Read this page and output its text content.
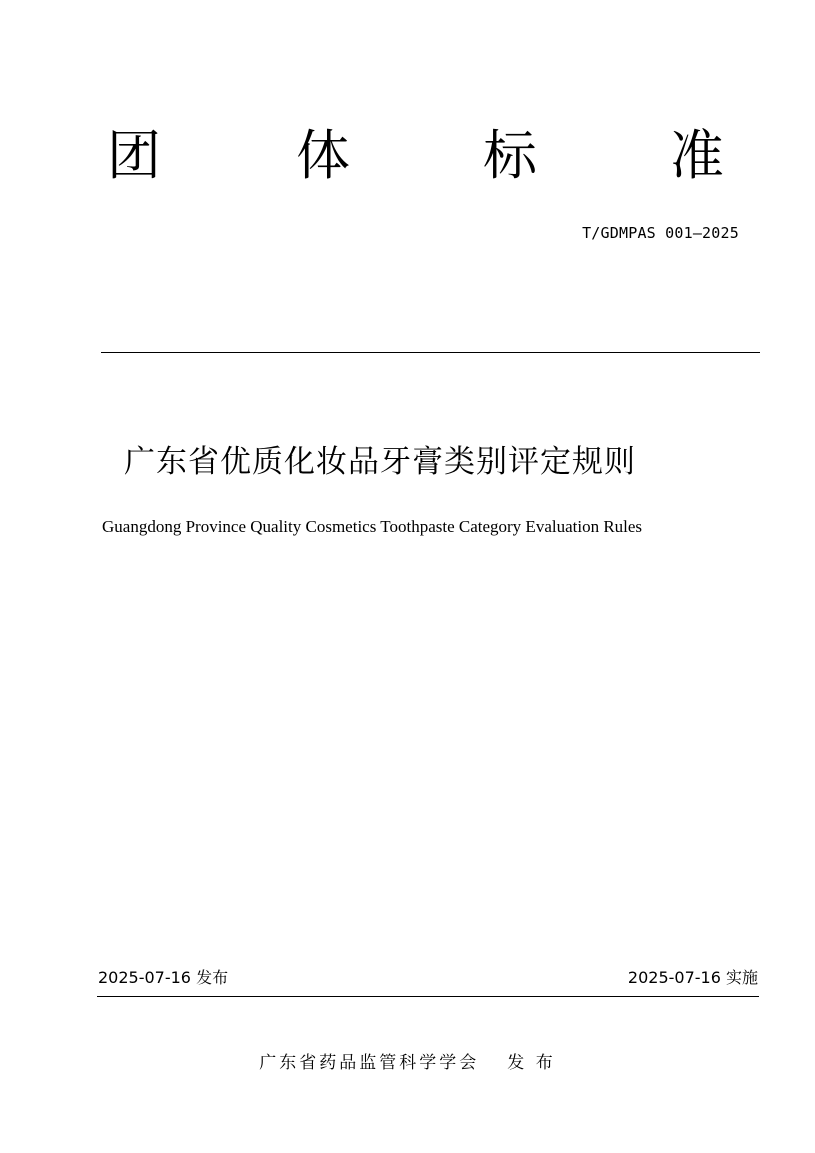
团	体 标 准
T/GDMPAS 001—2025
广东省优质化妆品牙膏类别评定规则
Guangdong Province Quality Cosmetics Toothpaste Category Evaluation Rules
2025-07-16 发布	2025-07-16 实施
广东省药品监管科学学会 发 布
